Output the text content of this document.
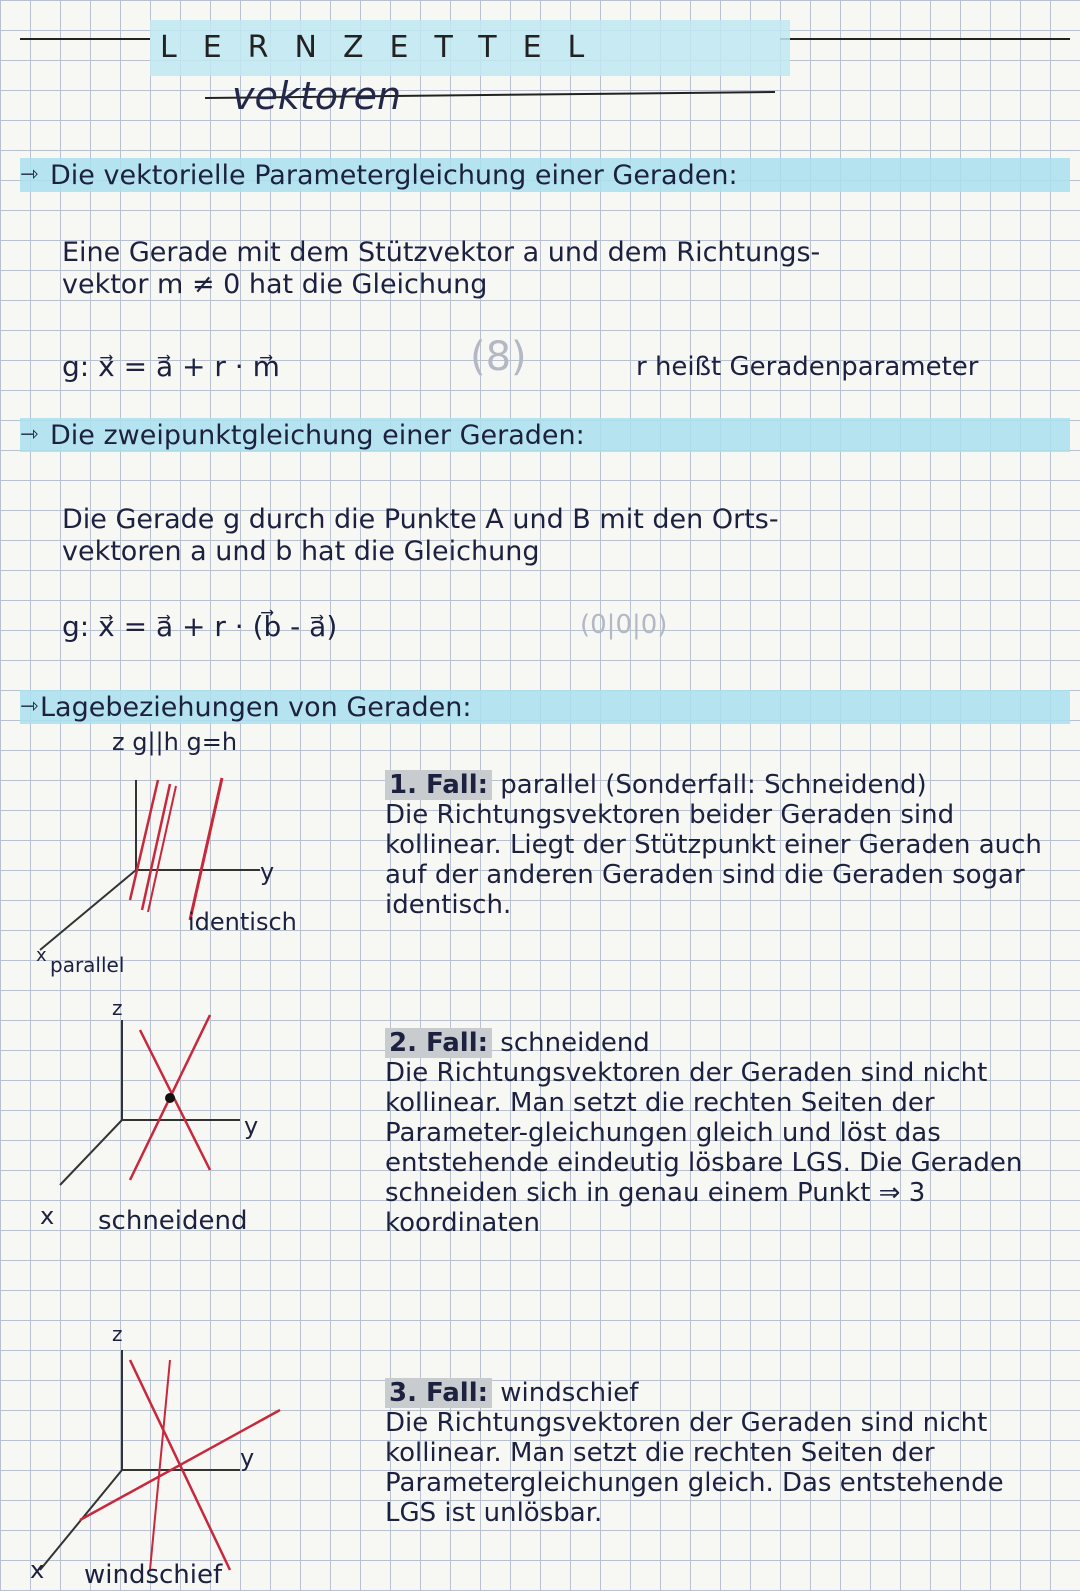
LERNZETTEL
vektoren
⇾ Die vektorielle Parametergleichung einer Geraden:
Eine Gerade mit dem Stützvektor a und dem Richtungs-
vektor m ≠ 0 hat die Gleichung
g: x⃗ = a⃗ + r · m⃗	(8)	r heißt Geradenparameter
⇾ Die zweipunktgleichung einer Geraden:
Die Gerade g durch die Punkte A und B mit den Orts-
vektoren a und b hat die Gleichung
g: x⃗ = a⃗ + r · (b⃗ - a⃗)	(0|0|0)
⇾ Lagebeziehungen von Geraden:
z g||h g=h
y
identisch
x parallel
z
y
x schneidend
z
y
x windschief
1. Fall: parallel (Sonderfall: Schneidend)
Die Richtungsvektoren beider Geraden sind kollinear. Liegt der Stützpunkt einer Geraden auch auf der anderen Geraden sind die Geraden sogar identisch.
2. Fall: schneidend
Die Richtungsvektoren der Geraden sind nicht kollinear. Man setzt die rechten Seiten der Parameter-gleichungen gleich und löst das entstehende eindeutig lösbare LGS. Die Geraden schneiden sich in genau einem Punkt ⇒ 3 koordinaten
3. Fall: windschief
Die Richtungsvektoren der Geraden sind nicht kollinear. Man setzt die rechten Seiten der Parametergleichungen gleich. Das entstehende LGS ist unlösbar.
